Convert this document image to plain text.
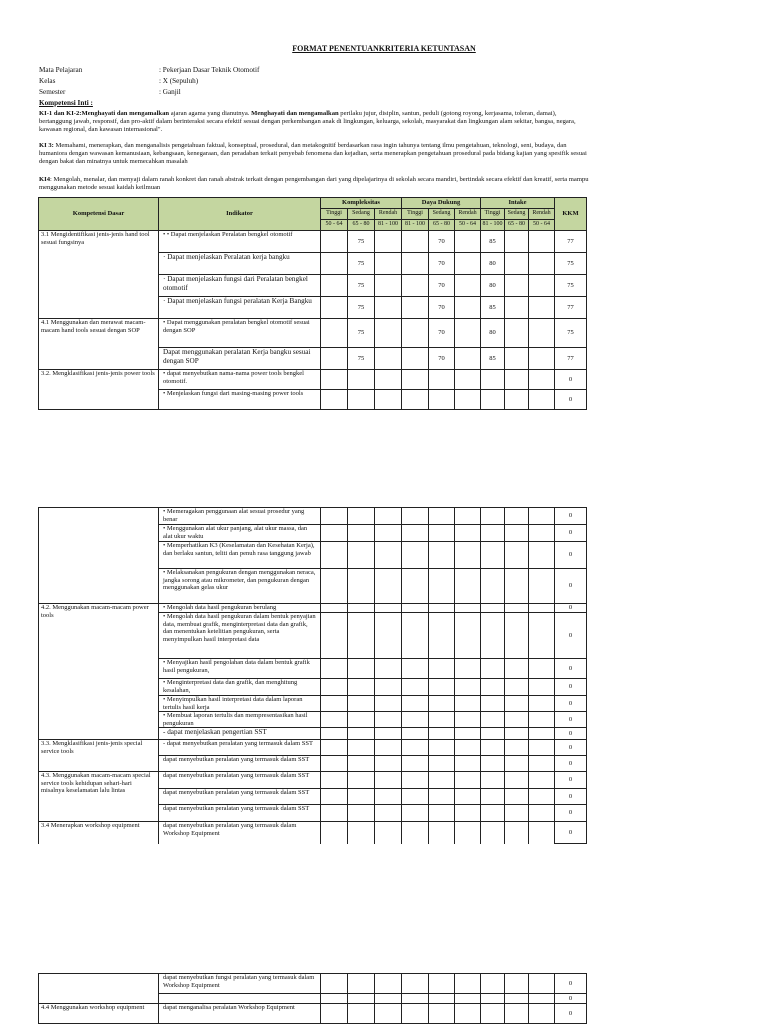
FORMAT PENENTUANKRITERIA KETUNTASAN
Mata Pelajaran	: Pekerjaan Dasar Teknik Otomotif
Kelas	: X (Sepuluh)
Semester	: Ganjil
Kompetensi Inti :
KI-1 dan KI-2:Menghayati dan mengamalkan ajaran agama yang dianutnya. Menghayati dan mengamalkan perilaku jujur, disiplin, santun, peduli (gotong royong, kerjasama, toleran, damai), bertanggung jawab, responsif, dan pro-aktif dalam berinteraksi secara efektif sesuai dengan perkembangan anak di lingkungan, keluarga, sekolah, masyarakat dan lingkungan alam sekitar, bangsa, negara, kawasan regional, dan kawasan internasional".
KI 3: Memahami, menerapkan, dan menganalisis pengetahuan faktual, konseptual, prosedural, dan metakognitif berdasarkan rasa ingin tahunya tentang ilmu pengetahuan, teknologi, seni, budaya, dan humaniora dengan wawasan kemanusiaan, kebangsaan, kenegaraan, dan peradaban terkait penyebab fenomena dan kejadian, serta menerapkan pengetahuan prosedural pada bidang kajian yang spesifik sesuai dengan bakat dan minatnya untuk memecahkan masalah
KI4: Mengolah, menalar, dan menyaji dalam ranah konkret dan ranah abstrak terkait dengan pengembangan dari yang dipelajarinya di sekolah secara mandiri, bertindak secara efektif dan kreatif, serta mampu menggunakan metode sesuai kaidah keilmuan
Kompetensi Dasar	Indikator	Kompleksitas			Daya Dukung			Intake			KKM
		Tinggi	Sedang	Rendah	Tinggi	Sedang	Rendah	Tinggi	Sedang	Rendah	
		50 - 64	65 - 80	81 - 100	81 - 100	65 - 80	50 - 64	81 - 100	65 - 80	50 - 64	
3.1 Mengidentifikasi jenis-jenis hand tool sesuai fungsinya	• • Dapat menjelaskan Peralatan bengkel otomotif		75			70		85			77
	· Dapat menjelaskan Peralatan kerja bangku		75			70		80			75
	· Dapat menjelaskan fungsi dari Peralatan bengkel otomotif		75			70		80			75
	· Dapat menjelaskan fungsi peralatan Kerja Bangku		75			70		85			77
4.1 Menggunakan dan merawat macam-macam hand tools sesuai dengan SOP	• Dapat menggunakan peralatan bengkel otomotif sesuai dengan SOP		75			70		80			75
	Dapat menggunakan peralatan Kerja bangku sesuai dengan SOP		75			70		85			77
3.2. Mengklasifikasi jenis-jenis power tools	• dapat menyebutkan nama-nama power tools bengkel otomotif.										0
	• Menjelaskan fungsi dari masing-masing power tools										0
	• Memeragakan penggunaan alat sesuai prosedur yang benar										0
	• Menggunakan alat ukur panjang, alat ukur massa, dan alat ukur waktu										0
	• Memperhatikan K3 (Keselamatan dan Kesehatan Kerja), dan berlaku santun, teliti dan penuh rasa tanggung jawab										0
	• Melaksanakan pengukuran dengan menggunakan neraca, jangka sorong atau mikrometer, dan pengukuran dengan menggunakan gelas ukur										0
4.2. Menggunakan macam-macam power tools	• Mengolah data hasil pengukuran berulang										0
	• Mengolah data hasil pengukuran dalam bentuk penyajian data, membuat grafik, menginterpretasi data dan grafik, dan menentukan ketelitian pengukuran, serta menyimpulkan hasil interpretasi data										0
	• Menyajikan hasil pengolahan data dalam bentuk grafik hasil pengukuran,										0
	• Menginterpretasi data dan grafik, dan menghitung kesalahan,										0
	• Menyimpulkan hasil interpretasi data dalam laporan tertulis hasil kerja										0
	• Membuat laporan tertulis dan mempresentasikan hasil pengukuran										0
	- dapat menjelaskan pengertian SST										0
3.3. Mengklasifikasi jenis-jenis special service tools	- dapat menyebutkan peralatan yang termasuk dalam SST										0
	dapat menyebutkan peralatan yang termasuk dalam SST										0
4.3. Menggunakan macam-macam special service tools kehidupan sehari-hari misalnya keselamatan lalu lintas	dapat menyebutkan peralatan yang termasuk dalam SST										0
	dapat menyebutkan peralatan yang termasuk dalam SST										0
	dapat menyebutkan peralatan yang termasuk dalam SST										0
3.4 Menerapkan workshop equipment	dapat menyebutkan peralatan yang termasuk dalam Workshop Equipment										0
	dapat menyebutkan fungsi peralatan yang termasuk dalam Workshop Equipment										0
											0
4.4 Menggunakan workshop equipment	dapat menganalisa peralatan Workshop Equipment										0
